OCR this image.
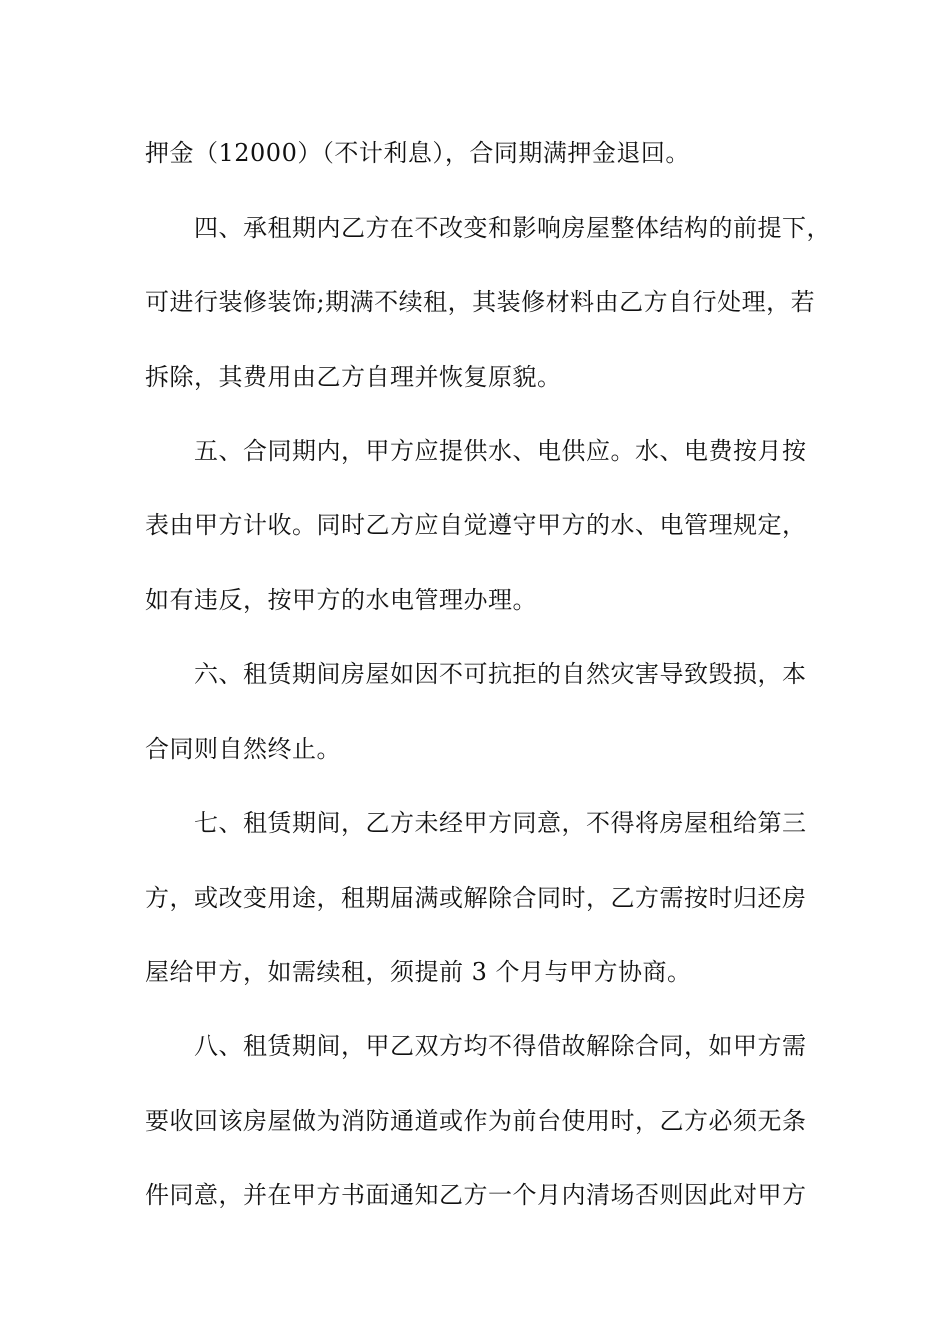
押金（12000）（不计利息），合同期满押金退回。
四、承租期内乙方在不改变和影响房屋整体结构的前提下，
可进行装修装饰;期满不续租，其装修材料由乙方自行处理，若
拆除，其费用由乙方自理并恢复原貌。
五、合同期内，甲方应提供水、电供应。水、电费按月按
表由甲方计收。同时乙方应自觉遵守甲方的水、电管理规定，
如有违反，按甲方的水电管理办理。
六、租赁期间房屋如因不可抗拒的自然灾害导致毁损，本
合同则自然终止。
七、租赁期间，乙方未经甲方同意，不得将房屋租给第三
方，或改变用途，租期届满或解除合同时，乙方需按时归还房
屋给甲方，如需续租，须提前 3 个月与甲方协商。
八、租赁期间，甲乙双方均不得借故解除合同，如甲方需
要收回该房屋做为消防通道或作为前台使用时，乙方必须无条
件同意，并在甲方书面通知乙方一个月内清场否则因此对甲方
